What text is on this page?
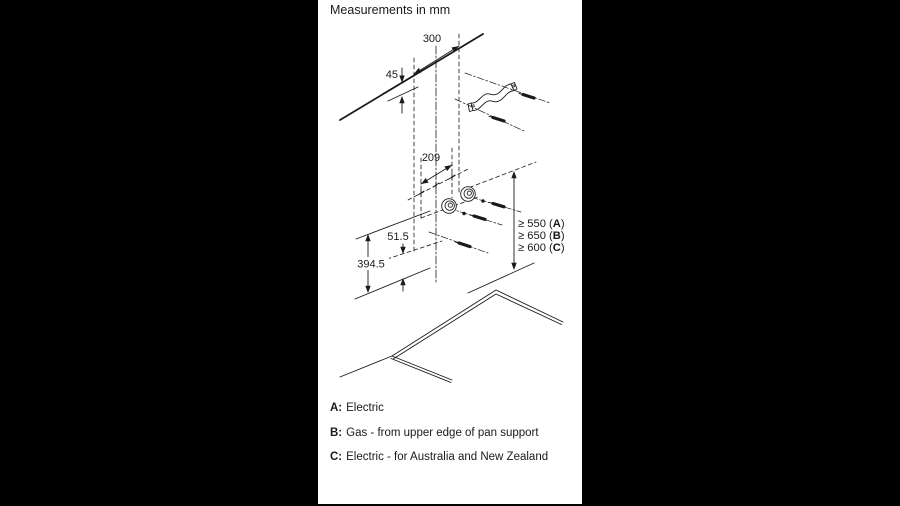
Measurements in mm
300
45
209
≥ 550 (A)
≥ 650 (B)
≥ 600 (C)
51.5
394.5
A: Electric
B: Gas - from upper edge of pan support
C: Electric - for Australia and New Zealand
